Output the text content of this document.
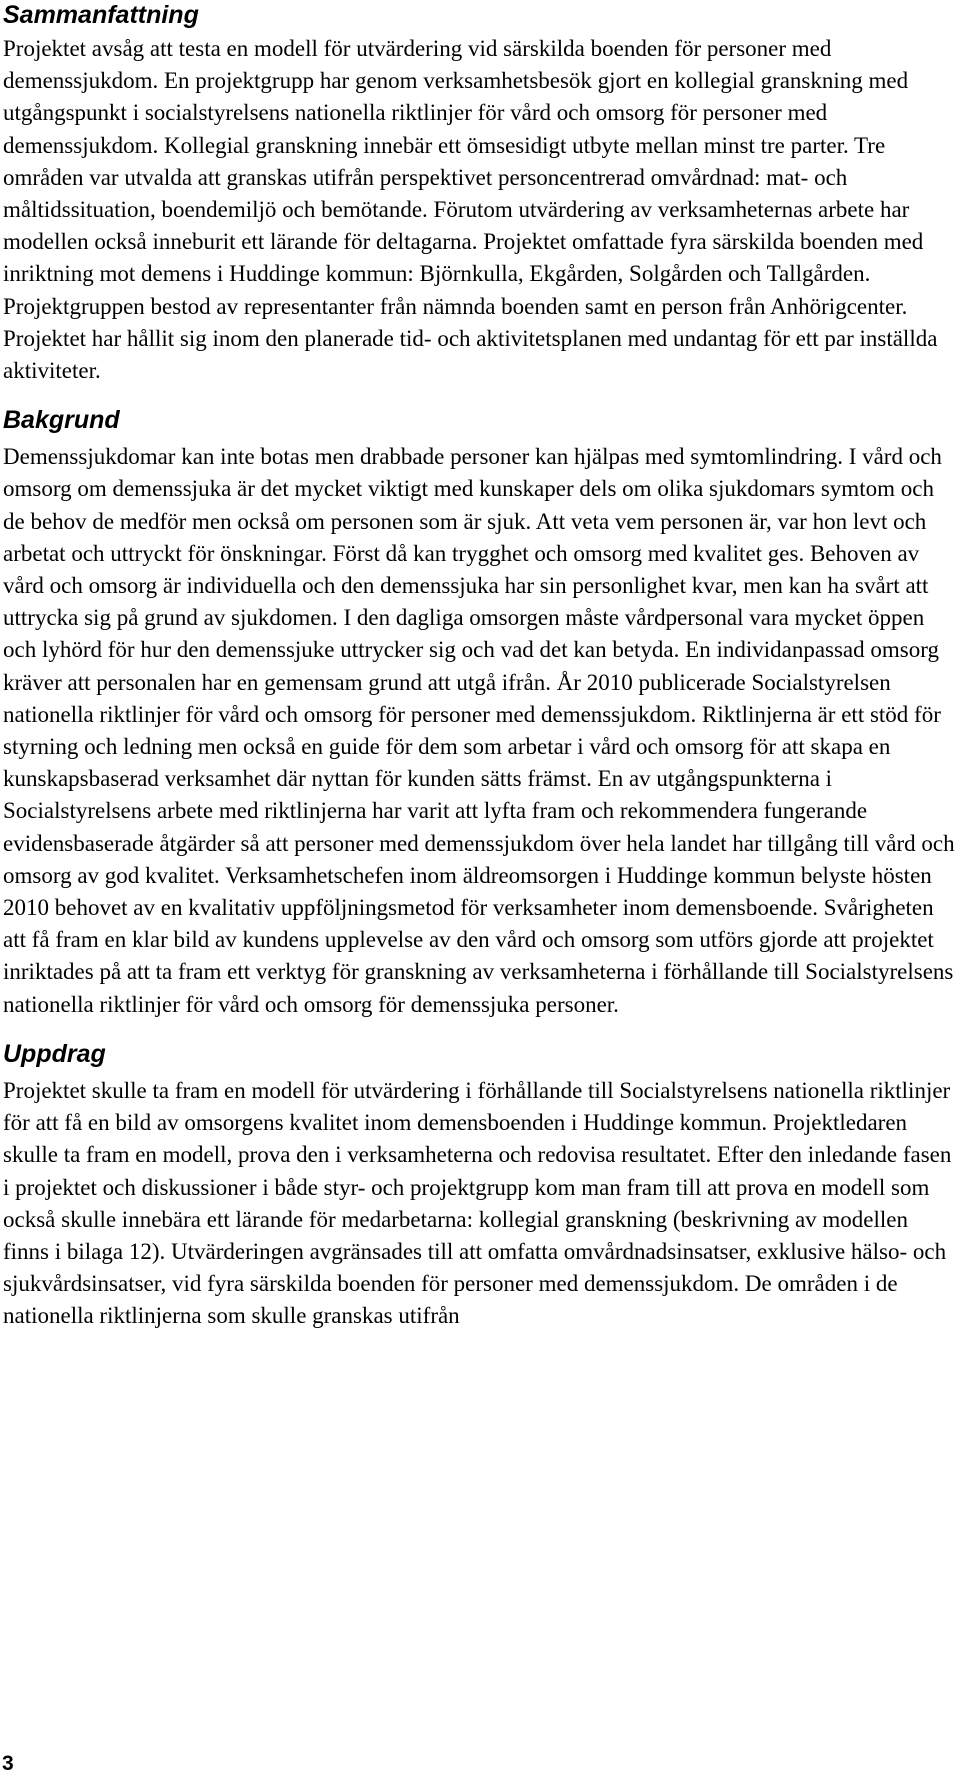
Sammanfattning

Projektet avsåg att testa en modell för utvärdering vid särskilda boenden för personer med demenssjukdom. En projektgrupp har genom verksamhetsbesök gjort en kollegial granskning med utgångspunkt i socialstyrelsens nationella riktlinjer för vård och omsorg för personer med demenssjukdom. Kollegial granskning innebär ett ömsesidigt utbyte mellan minst tre parter. Tre områden var utvalda att granskas utifrån perspektivet personcentrerad omvårdnad: mat- och måltidssituation, boendemiljö och bemötande. Förutom utvärdering av verksamheternas arbete har modellen också inneburit ett lärande för deltagarna. Projektet omfattade fyra särskilda boenden med inriktning mot demens i Huddinge kommun: Björnkulla, Ekgården, Solgården och Tallgården. Projektgruppen bestod av representanter från nämnda boenden samt en person från Anhörigcenter. Projektet har hållit sig inom den planerade tid- och aktivitetsplanen med undantag för ett par inställda aktiviteter.

Bakgrund

Demenssjukdomar kan inte botas men drabbade personer kan hjälpas med symtomlindring. I vård och omsorg om demenssjuka är det mycket viktigt med kunskaper dels om olika sjukdomars symtom och de behov de medför men också om personen som är sjuk. Att veta vem personen är, var hon levt och arbetat och uttryckt för önskningar. Först då kan trygghet och omsorg med kvalitet ges. Behoven av vård och omsorg är individuella och den demenssjuka har sin personlighet kvar, men kan ha svårt att uttrycka sig på grund av sjukdomen. I den dagliga omsorgen måste vårdpersonal vara mycket öppen och lyhörd för hur den demenssjuke uttrycker sig och vad det kan betyda. En individanpassad omsorg kräver att personalen har en gemensam grund att utgå ifrån. År 2010 publicerade Socialstyrelsen nationella riktlinjer för vård och omsorg för personer med demenssjukdom. Riktlinjerna är ett stöd för styrning och ledning men också en guide för dem som arbetar i vård och omsorg för att skapa en kunskapsbaserad verksamhet där nyttan för kunden sätts främst. En av utgångspunkterna i Socialstyrelsens arbete med riktlinjerna har varit att lyfta fram och rekommendera fungerande evidensbaserade åtgärder så att personer med demenssjukdom över hela landet har tillgång till vård och omsorg av god kvalitet. Verksamhetschefen inom äldreomsorgen i Huddinge kommun belyste hösten 2010 behovet av en kvalitativ uppföljningsmetod för verksamheter inom demensboende. Svårigheten att få fram en klar bild av kundens upplevelse av den vård och omsorg som utförs gjorde att projektet inriktades på att ta fram ett verktyg för granskning av verksamheterna i förhållande till Socialstyrelsens nationella riktlinjer för vård och omsorg för demenssjuka personer.

Uppdrag

Projektet skulle ta fram en modell för utvärdering i förhållande till Socialstyrelsens nationella riktlinjer för att få en bild av omsorgens kvalitet inom demensboenden i Huddinge kommun. Projektledaren skulle ta fram en modell, prova den i verksamheterna och redovisa resultatet. Efter den inledande fasen i projektet och diskussioner i både styr- och projektgrupp kom man fram till att prova en modell som också skulle innebära ett lärande för medarbetarna: kollegial granskning (beskrivning av modellen finns i bilaga 12). Utvärderingen avgränsades till att omfatta omvårdnadsinsatser, exklusive hälso- och sjukvårdsinsatser, vid fyra särskilda boenden för personer med demenssjukdom. De områden i de nationella riktlinjerna som skulle granskas utifrån

3
